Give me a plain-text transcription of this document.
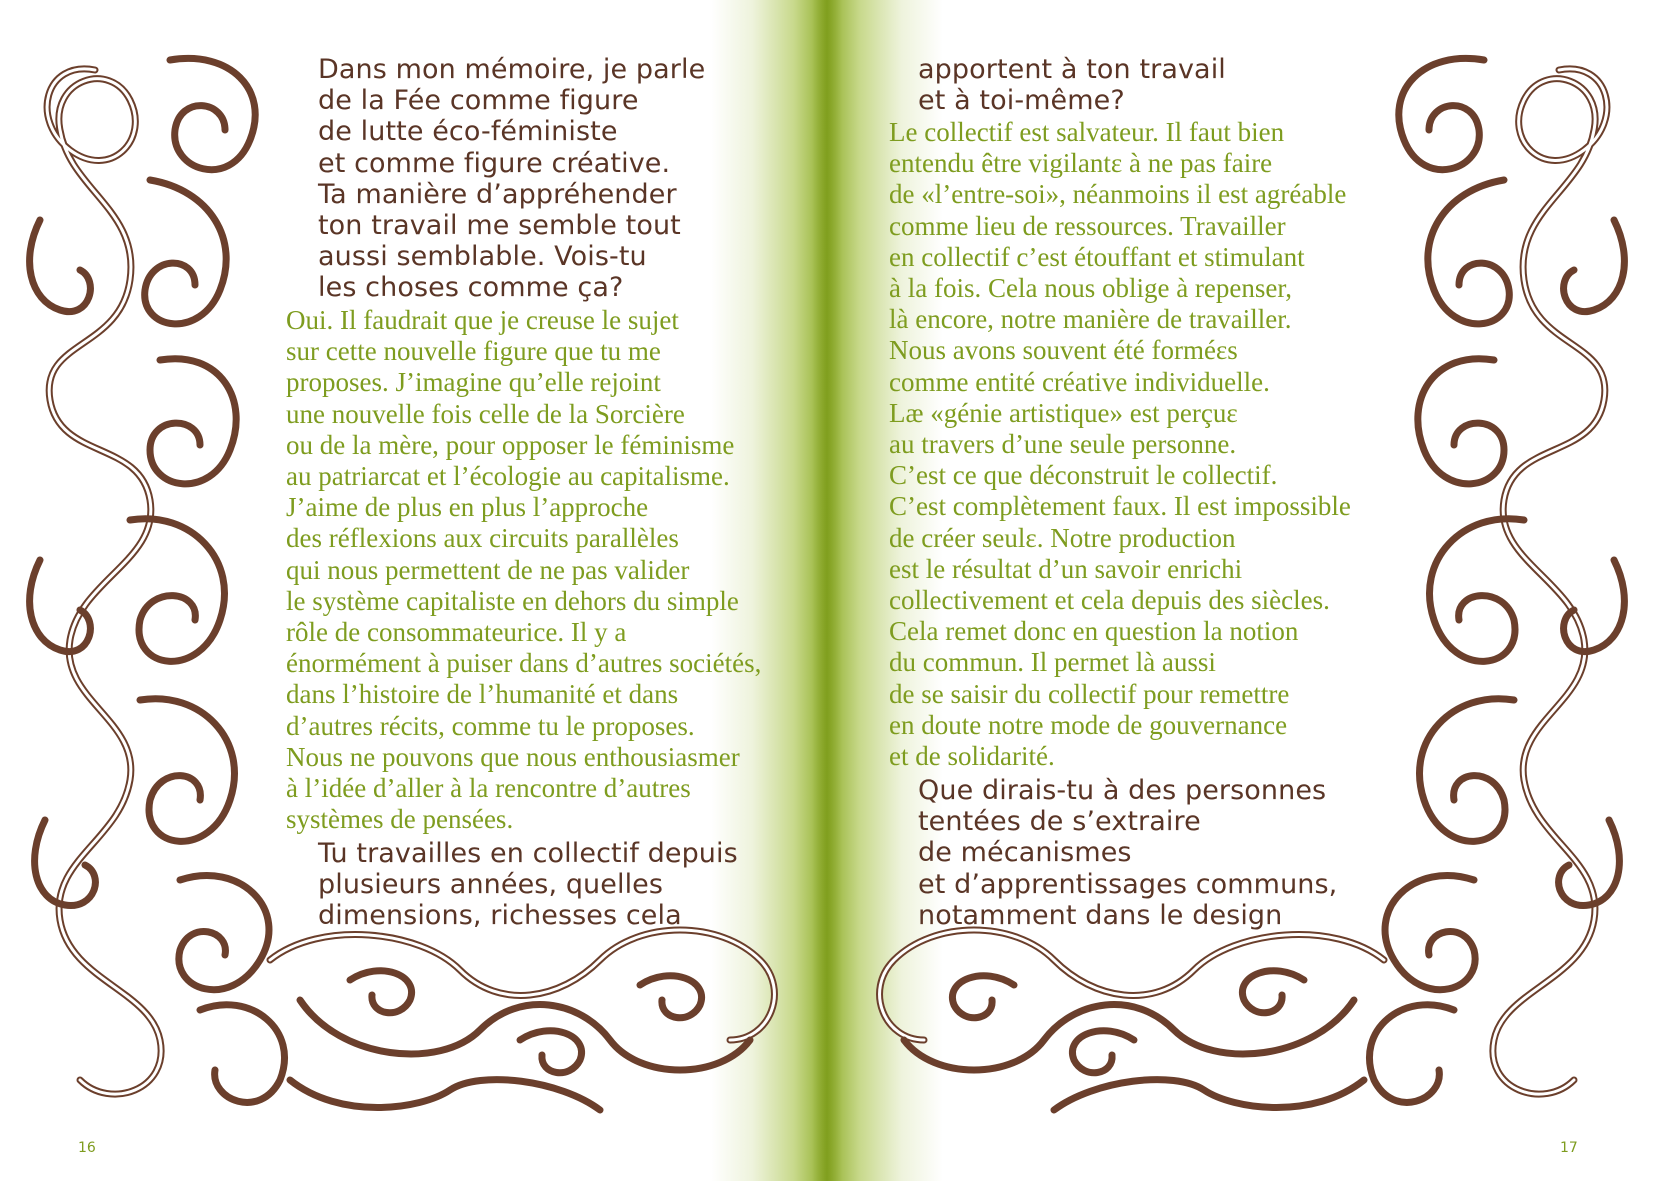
Dans mon mémoire, je parle
de la Fée comme figure
de lutte éco-féministe
et comme figure créative.
Ta manière d’appréhender
ton travail me semble tout
aussi semblable. Vois-tu
les choses comme ça?
Oui. Il faudrait que je creuse le sujet
sur cette nouvelle figure que tu me
proposes. J’imagine qu’elle rejoint
une nouvelle fois celle de la Sorcière
ou de la mère, pour opposer le féminisme
au patriarcat et l’écologie au capitalisme.
J’aime de plus en plus l’approche
des réflexions aux circuits parallèles
qui nous permettent de ne pas valider
le système capitaliste en dehors du simple
rôle de consommateurice. Il y a
énormément à puiser dans d’autres sociétés,
dans l’histoire de l’humanité et dans
d’autres récits, comme tu le proposes.
Nous ne pouvons que nous enthousiasmer
à l’idée d’aller à la rencontre d’autres
systèmes de pensées.
Tu travailles en collectif depuis
plusieurs années, quelles
dimensions, richesses cela
16
apportent à ton travail
et à toi-même?
Le collectif est salvateur. Il faut bien
entendu être vigilantɛ à ne pas faire
de «l’entre-soi», néanmoins il est agréable
comme lieu de ressources. Travailler
en collectif c’est étouffant et stimulant
à la fois. Cela nous oblige à repenser,
là encore, notre manière de travailler.
Nous avons souvent été forméɛs
comme entité créative individuelle.
Læ «génie artistique» est perçuɛ
au travers d’une seule personne.
C’est ce que déconstruit le collectif.
C’est complètement faux. Il est impossible
de créer seulɛ. Notre production
est le résultat d’un savoir enrichi
collectivement et cela depuis des siècles.
Cela remet donc en question la notion
du commun. Il permet là aussi
de se saisir du collectif pour remettre
en doute notre mode de gouvernance
et de solidarité.
Que dirais-tu à des personnes
tentées de s’extraire
de mécanismes
et d’apprentissages communs,
notamment dans le design
17
